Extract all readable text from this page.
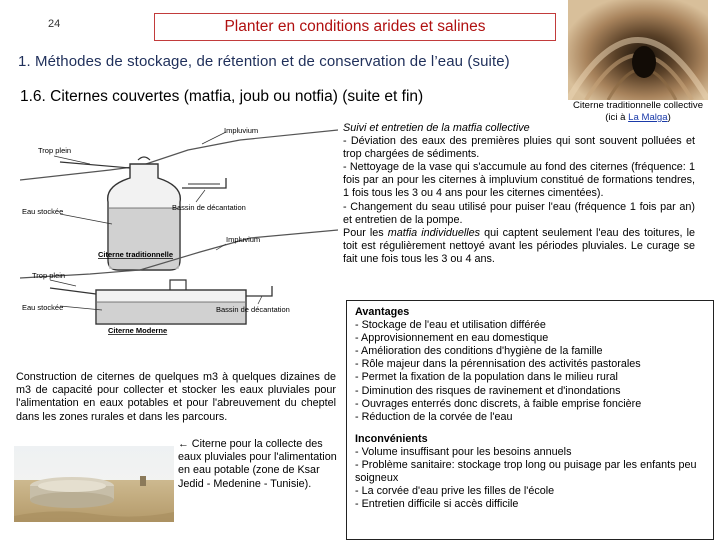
24	Planter en conditions arides et salines
1. Méthodes de stockage, de rétention et de conservation de l’eau (suite)
1.6. Citernes couvertes (matfia, joub ou notfia) (suite et fin)
Citerne traditionnelle collective
(ici à La Malga)
Impluvium
Trop plein
Eau stockée	Bassin de décantation
Citerne traditionnelle
Impluvium
Trop plein
Eau stockée	Bassin de décantation
Citerne Moderne

Suivi et entretien de la matfia collective

- Déviation des eaux des premières pluies qui sont souvent polluées et trop chargées de sédiments.

- Nettoyage de la vase qui s'accumule au fond des citernes (fréquence: 1 fois par an pour les citernes à impluvium constitué de formations tendres, 1 fois tous les 3 ou 4 ans pour les citernes cimentées).

- Changement du seau utilisé pour puiser l'eau (fréquence 1 fois par an) et entretien de la pompe.

Pour les matfia individuelles qui captent seulement l'eau des toitures, le toit est régulièrement nettoyé avant les périodes pluviales. Le curage se fait une fois tous les 3 ou 4 ans.

Construction de citernes de quelques m3 à quelques dizaines de m3 de capacité pour collecter et stocker les eaux pluviales pour l'alimentation en eaux potables et pour l'abreuvement du cheptel dans les zones rurales et dans les parcours.
← Citerne pour la collecte des eaux pluviales pour l'alimentation en eau potable (zone de Ksar Jedid - Medenine - Tunisie).
Avantages
- Stockage de l'eau et utilisation différée
- Approvisionnement en eau domestique
- Amélioration des conditions d'hygiène de la famille
- Rôle majeur dans la pérennisation des activités pastorales
- Permet la fixation de la population dans le milieu rural
- Diminution des risques de ravinement et d'inondations
- Ouvrages enterrés donc discrets, à faible emprise foncière
- Réduction de la corvée de l'eau
Inconvénients
- Volume insuffisant pour les besoins annuels
- Problème sanitaire: stockage trop long ou puisage par les enfants peu soigneux
- La corvée d'eau prive les filles de l'école
- Entretien difficile si accès difficile
